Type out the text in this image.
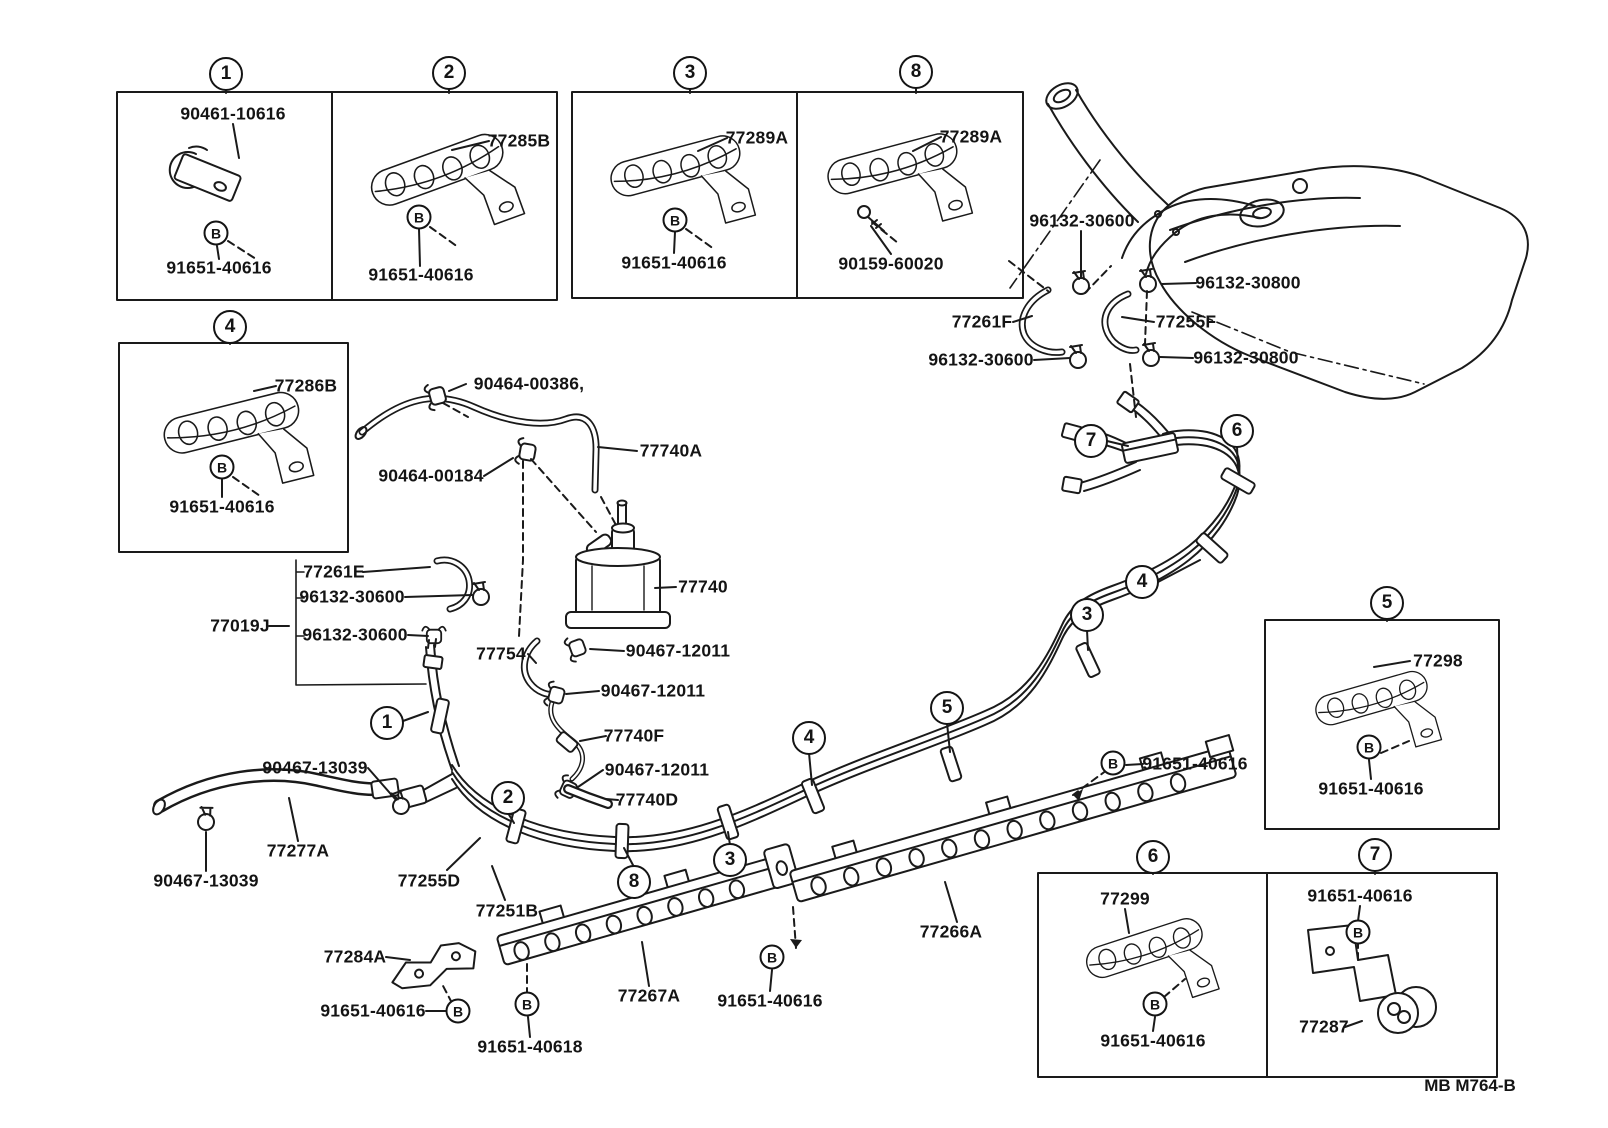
90461-10616
91651-40616
77285B
91651-40616
77289A
91651-40616
77289A
90159-60020
77286B
91651-40616
96132-30600
96132-30800
77261F	77255F
96132-30600	96132-30800
90464-00386,
77740A
90464-00184
77740
77261E
96132-30600
77019J 96132-30600
77754	90467-12011
90467-12011
77740F
90467-12011
77740D
90467-13039
77277A
90467-13039	77255D
77251B
77284A
91651-40616
91651-40618
77267A 91651-40616
77266A
91651-40616
77298
91651-40616
77299
91651-40616
91651-40616
77287
1	2	3	8
4
7	6
4
3
5
4
1
2
8
3
5
6	7
B
B	B
B
B	B
B
B
B
B
B
MB M764-B
